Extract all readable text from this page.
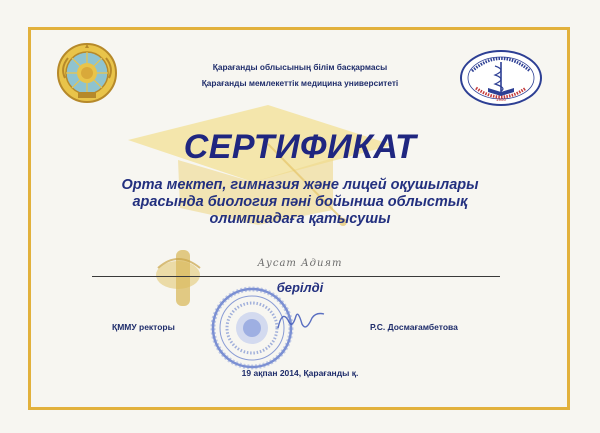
1950
Қарағанды облысының білім басқармасы
Қарағанды мемлекеттік медицина университеті
СЕРТИФИКАТ
Орта мектеп, гимназия және лицей оқушылары
арасында биология пәні бойынша облыстық
олимпиадаға қатысушы
Аусат Адият
берілді
ҚММУ ректоры	Р.С. Досмағамбетова
19 ақпан 2014, Қарағанды қ.
